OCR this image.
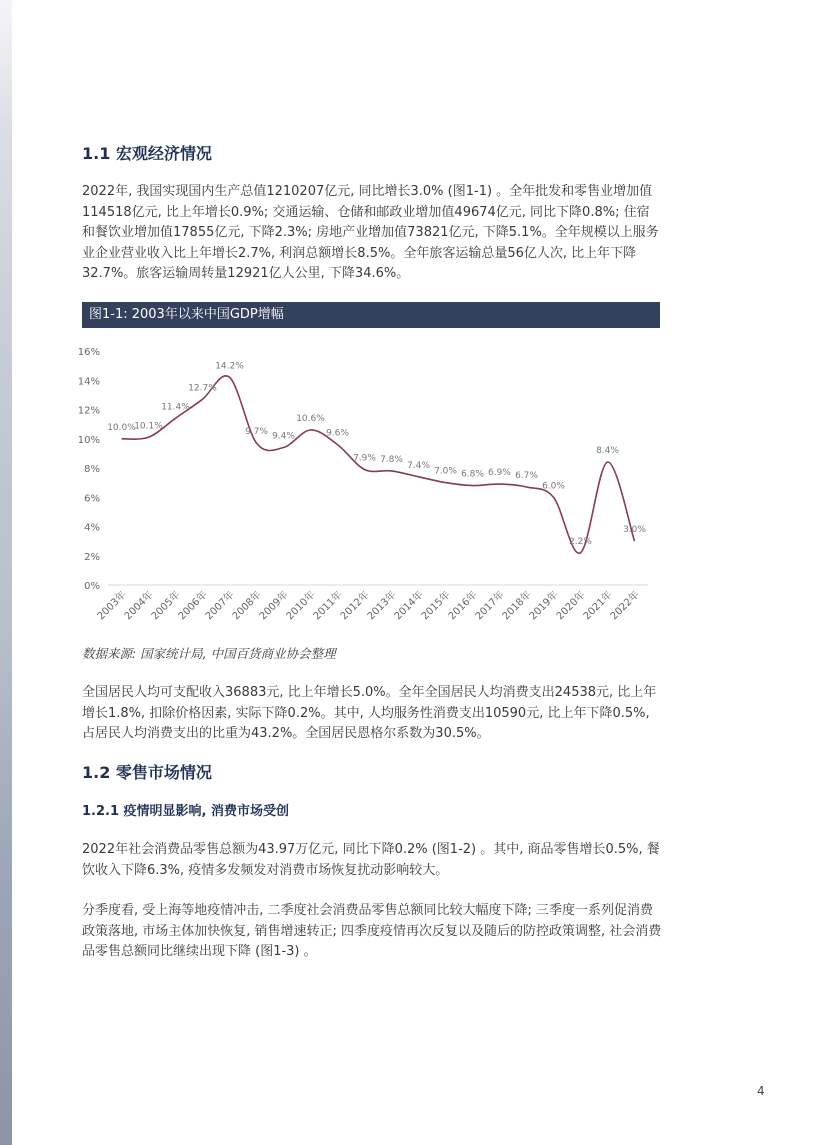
1.1 宏观经济情况

2022年, 我国实现国内生产总值1210207亿元, 同比增长3.0% (图1-1) 。全年批发和零售业增加值114518亿元, 比上年增长0.9%; 交通运输、仓储和邮政业增加值49674亿元, 同比下降0.8%; 住宿和餐饮业增加值17855亿元, 下降2.3%; 房地产业增加值73821亿元, 下降5.1%。全年规模以上服务业企业营业收入比上年增长2.7%, 利润总额增长8.5%。全年旅客运输总量56亿人次, 比上年下降32.7%。旅客运输周转量12921亿人公里, 下降34.6%。

图1-1: 2003年以来中国GDP增幅
0%
2%
4%
6%
8%
10%
12%
14%
16%
2003年
2004年
2005年
2006年
2007年
2008年
2009年
2010年
2011年
2012年
2013年
2014年
2015年
2016年
2017年
2018年
2019年
2020年
2021年
2022年
10.0%
10.1%
11.4%
12.7%
14.2%
9.7% 9.4%
10.6%
9.6%
7.9% 7.8%
7.4%
7.0% 6.8% 6.9% 6.7%
6.0%
2.2%
8.4%
3.0%
数据来源: 国家统计局, 中国百货商业协会整理

全国居民人均可支配收入36883元, 比上年增长5.0%。全年全国居民人均消费支出24538元, 比上年增长1.8%, 扣除价格因素, 实际下降0.2%。其中, 人均服务性消费支出10590元, 比上年下降0.5%, 占居民人均消费支出的比重为43.2%。全国居民恩格尔系数为30.5%。

1.2 零售市场情况
1.2.1 疫情明显影响, 消费市场受创

2022年社会消费品零售总额为43.97万亿元, 同比下降0.2% (图1-2) 。其中, 商品零售增长0.5%, 餐饮收入下降6.3%, 疫情多发频发对消费市场恢复扰动影响较大。

分季度看, 受上海等地疫情冲击, 二季度社会消费品零售总额同比较大幅度下降; 三季度一系列促消费政策落地, 市场主体加快恢复, 销售增速转正; 四季度疫情再次反复以及随后的防控政策调整, 社会消费品零售总额同比继续出现下降 (图1-3) 。

4
